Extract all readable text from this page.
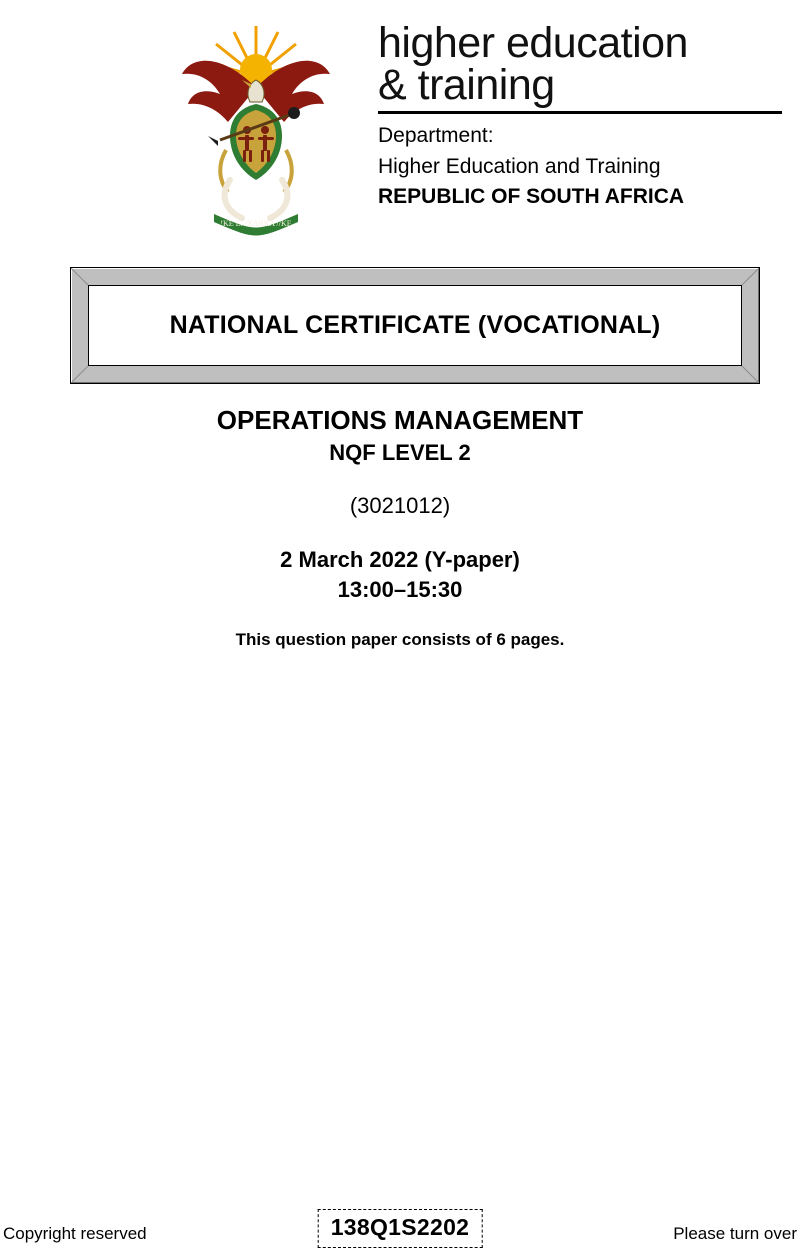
!KE E: /XARRA //KE
higher education
& training
Department:
Higher Education and Training
REPUBLIC OF SOUTH AFRICA
NATIONAL CERTIFICATE (VOCATIONAL)
OPERATIONS MANAGEMENT
NQF LEVEL 2
(3021012)
2 March 2022 (Y-paper)
13:00–15:30
This question paper consists of 6 pages.
Copyright reserved	138Q1S2202	Please turn over
